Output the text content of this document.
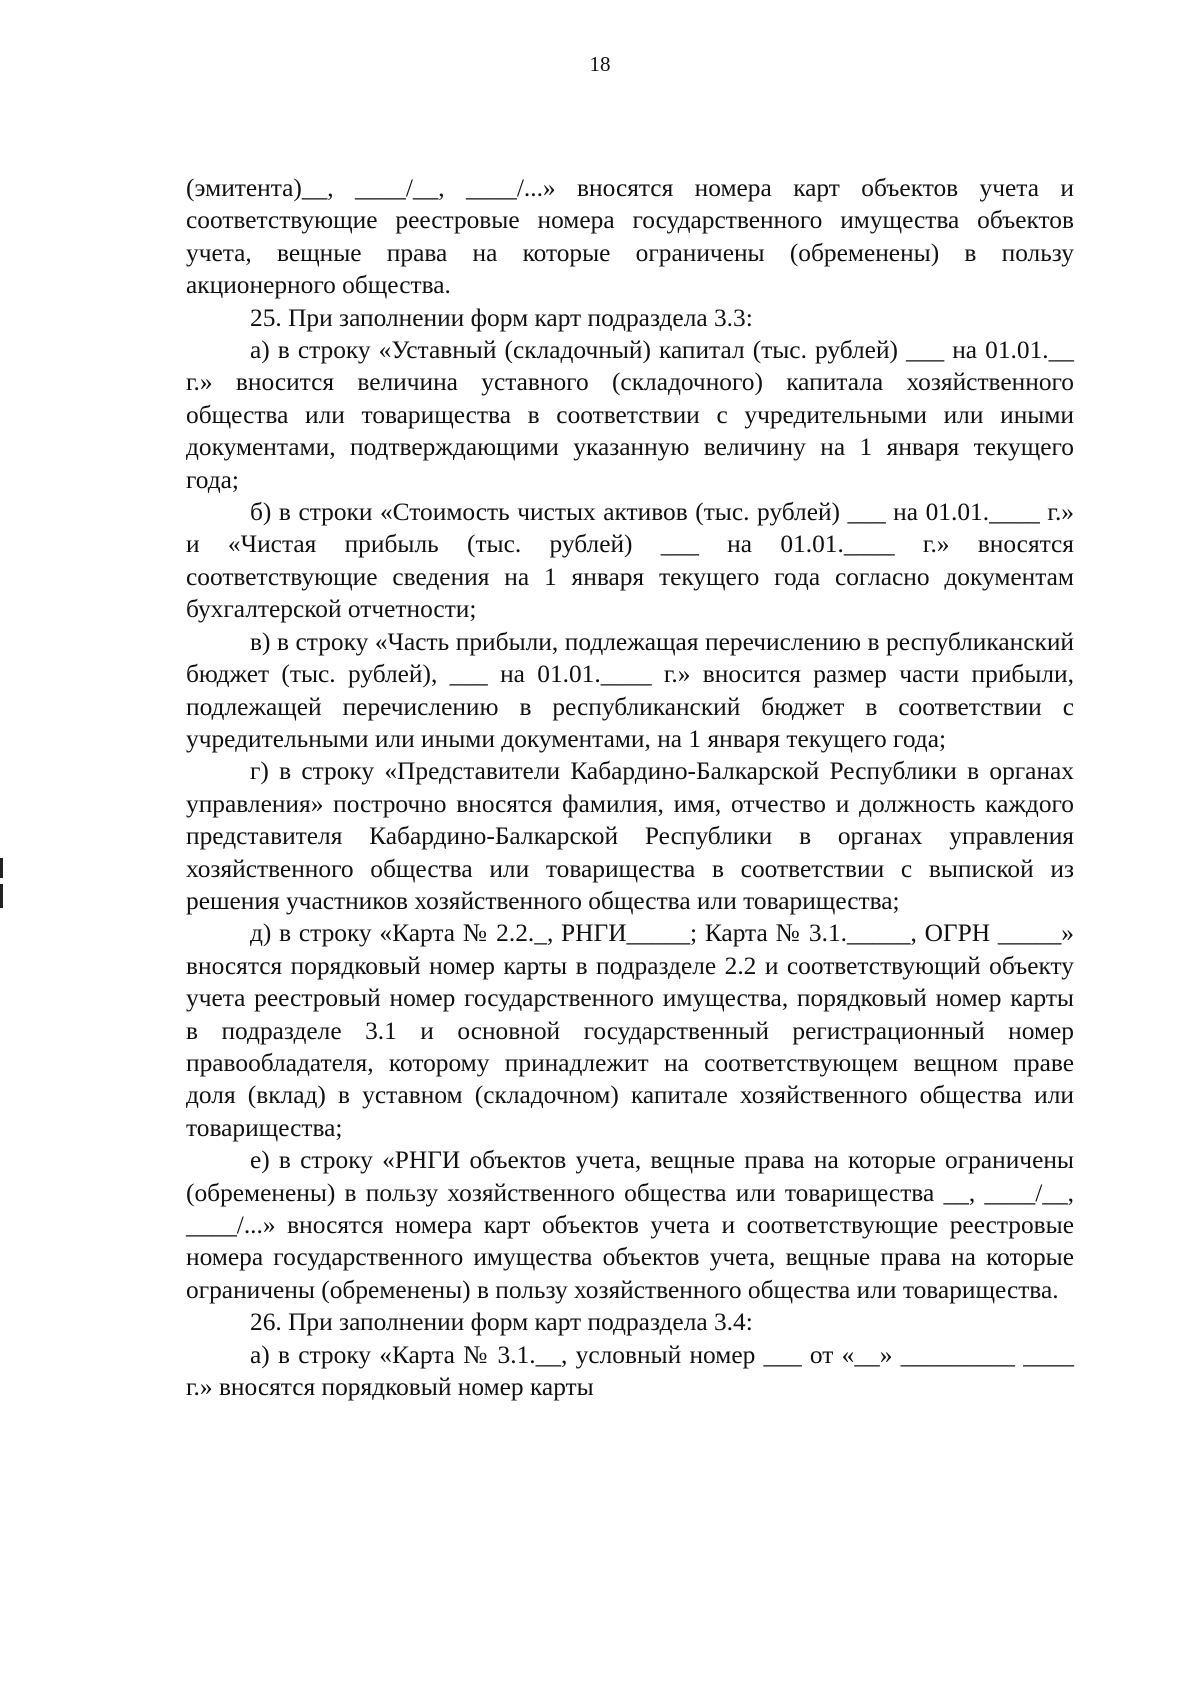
18

(эмитента)__, ____/__, ____/...» вносятся номера карт объектов учета и соответствующие реестровые номера государственного имущества объектов учета, вещные права на которые ограничены (обременены) в пользу акционерного общества.

25. При заполнении форм карт подраздела 3.3:

а) в строку «Уставный (складочный) капитал (тыс. рублей) ___ на 01.01.__ г.» вносится величина уставного (складочного) капитала хозяйственного общества или товарищества в соответствии с учредительными или иными документами, подтверждающими указанную величину на 1 января текущего года;

б) в строки «Стоимость чистых активов (тыс. рублей) ___ на 01.01.____ г.» и «Чистая прибыль (тыс. рублей) ___ на 01.01.____ г.» вносятся соответствующие сведения на 1 января текущего года согласно документам бухгалтерской отчетности;

в) в строку «Часть прибыли, подлежащая перечислению в республиканский бюджет (тыс. рублей), ___ на 01.01.____ г.» вносится размер части прибыли, подлежащей перечислению в республиканский бюджет в соответствии с учредительными или иными документами, на 1 января текущего года;

г) в строку «Представители Кабардино-Балкарской Республики в органах управления» построчно вносятся фамилия, имя, отчество и должность каждого представителя Кабардино-Балкарской Республики в органах управления хозяйственного общества или товарищества в соответствии с выпиской из решения участников хозяйственного общества или товарищества;

д) в строку «Карта № 2.2._, РНГИ_____; Карта № 3.1._____, ОГРН _____» вносятся порядковый номер карты в подразделе 2.2 и соответствующий объекту учета реестровый номер государственного имущества, порядковый номер карты в подразделе 3.1 и основной государственный регистрационный номер правообладателя, которому принадлежит на соответствующем вещном праве доля (вклад) в уставном (складочном) капитале хозяйственного общества или товарищества;

е) в строку «РНГИ объектов учета, вещные права на которые ограничены (обременены) в пользу хозяйственного общества или товарищества __, ____/__, ____/...» вносятся номера карт объектов учета и соответствующие реестровые номера государственного имущества объектов учета, вещные права на которые ограничены (обременены) в пользу хозяйственного общества или товарищества.

26. При заполнении форм карт подраздела 3.4:

а) в строку «Карта № 3.1.__, условный номер ___ от «__» _________ ____ г.» вносятся порядковый номер карты
